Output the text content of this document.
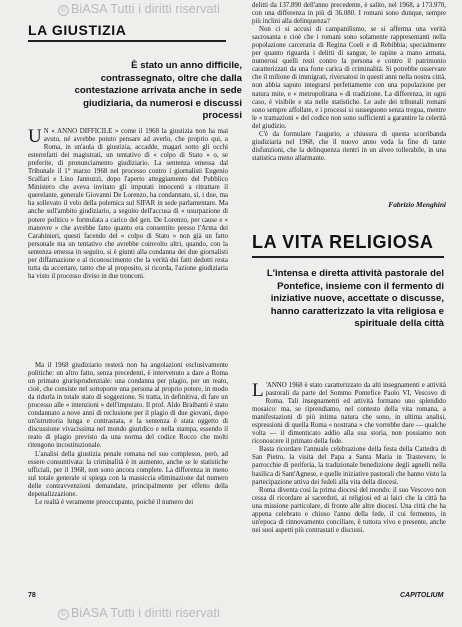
© BiASA Tutti i diritti riservati
LA GIUSTIZIA

È stato un anno difficile, contrassegnato, oltre che dalla contestazione arrivata anche in sede giudiziaria, da numerosi e discussi processi

U N « ANNO DIFFICILE » come il 1968 la giustizia non ha mai avuto, né avrebbe potuto pensare ad averlo, che proprio qui, a Roma, in un'aula di giustizia, accadde, magari sotto gli occhi esterrefatti dei magistrati, un tentativo di « colpo di Stato » o, se preferite, di pronunciamento giudiziario. La sentenza emessa dal Tribunale il 1° marzo 1968 nel processo contro i giornalisti Eugenio Scalfari e Lino Jannuzzi, dopo l'aperto atteggiamento del Pubblico Ministero che aveva invitato gli imputati innocenti a ritrattare il querelante, generale Giovanni De Lorenzo, ha condannato, sì, i due, ma ha sollevato il velo della polemica sul SIFAR in sede parlamentare. Ma anche sull'ambito giudiziario, a seguito dell'accusa di « usurpazione di potere politico » formulata a carico del gen. De Lorenzo, per cause e « manovre » che avrebbe fatto quanto era consentito presso l'Arma dei Carabinieri, questi facendo del « colpo di Stato » non già un fatto personale ma un tentativo che avrebbe coinvolto altri, quando, con la sentenza emessa in seguito, si è giunti alla condanna dei due giornalisti per diffamazione e al riconoscimento che la verità dei fatti dedotti resta tutta da accertare, tanto che al proposito, si ricorda, l'azione giudiziaria ha visto il processo diviso in due tronconi.

Ma il 1968 giudiziario resterà non ha angolazioni esclusivamente politiche: un altro fatto, senza precedenti, è intervenuto a dare a Roma un primato giurisprudenziale: una condanna per plagio, per un reato, cioè, che consiste nel sottoporre una persona al proprio potere, in modo da ridurla in totale stato di soggezione. Si tratta, in definitiva, di fare un processo alle « intenzioni » dell'imputato. Il prof. Aldo Braibanti è stato condannato a nove anni di reclusione per il plagio di due giovani, dopo un'istruttoria lunga e contrastata, e la sentenza è stata oggetto di discussione vivacissima nel mondo giuridico e nella stampa, essendo il reato di plagio previsto da una norma del codice Rocco che molti ritengono incostituzionale.

L'analisi della giustizia penale romana nel suo complesso, però, ad essere consuntivata: la criminalità è in aumento, anche se le statistiche ufficiali, per il 1968, non sono ancora complete. La differenza in meno sul totale generale si spiega con la massiccia eliminazione dal numero delle contravvenzioni demandate, principalmente per effetto della depenalizzazione.

Le realtà è veramente preoccupante, poiché il numero dei

delitti da 137.890 dell'anno precedente, è salito, nel 1968, a 173.970, con una differenza in più di 36.080. I romani sono dunque, sempre più inclini alla delinquenza?

Non ci si accusi di campanilismo, se si afferma una verità sacrosanta e cioè che i romani sono solamente rappresentanti nella popolazione carceraria di Regina Coeli e di Rebibbia; specialmente per quanto riguarda i delitti di sangue, le rapine a mano armata, numerosi quelli resti contro la persona e contro il patrimonio caratterizzati da una forte carica di criminalità. Si potrebbe osservare che il milione di immigrati, riversatosi in questi anni nella nostra città, non abbia saputo integrarsi perfettamente con una popolazione per natura mite, e « metropolitana » di tradizione. La differenza, in ogni caso, è visibile e sta nelle statistiche. Le aule dei tribunali romani sono sempre affollate, e i processi si susseguono senza tregua, mentre le « tramazioni » del codice non sono sufficienti a garantire la celerità del giudizio.

C'è da formulare l'augurio, a chiusura di questa scorribanda giudiziaria nel 1968, che il nuovo anno veda la fine di tante disfunzioni, che la delinquenza rientri in un alveo tollerabile, in una statistica meno allarmante.

Fabrizio Menghini
LA VITA RELIGIOSA

L'intensa e diretta attività pastorale del Pontefice, insieme con il fermento di iniziative nuove, accettate o discusse, hanno caratterizzato la vita religiosa e spirituale della città

L 'ANNO 1968 è stato caratterizzato da alti insegnamenti e attività pastorali da parte del Sommo Pontefice Paolo VI, Vescovo di Roma. Tali insegnamenti ed attività formano uno splendido mosaico: ma, se riprendiamo, nel contesto della vita romana, a manifestazioni di più intima natura che sono, in ultima analisi, espressioni di quella Roma « nostrana » che vorrebbe dare — qualche volta — il dimenticato addio alla sua storia, non possiamo non riconoscere il primato della fede.

Basta ricordare l'annuale celebrazione della festa della Cattedra di San Pietro, la visita del Papa a Santa Maria in Trastevere, le parrocchie di periferia, la tradizionale benedizione degli agnelli nella basilica di Sant'Agnese, e quelle iniziative pastorali che hanno visto la partecipazione attiva dei fedeli alla vita della diocesi.

Roma diventa così la prima diocesi del mondo: il suo Vescovo non cessa di ricordare ai sacerdoti, ai religiosi ed ai laici che la città ha una missione particolare, di fronte alle altre diocesi. Una città che ha appena celebrato e chiuso l'anno della fede, il cui fermento, in un'epoca di rinnovamento conciliare, è tuttora vivo e presente, anche nei suoi aspetti più contrastati e discussi.

78	CAPITOLIUM
© BiASA Tutti i diritti riservati
